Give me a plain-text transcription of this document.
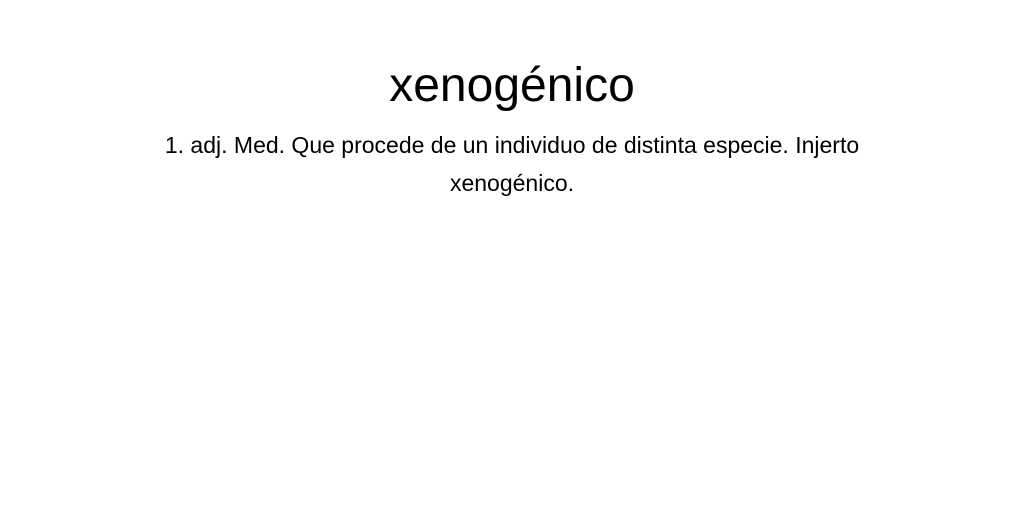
xenogénico

1. adj. Med. Que procede de un individuo de distinta especie. Injerto xenogénico.
